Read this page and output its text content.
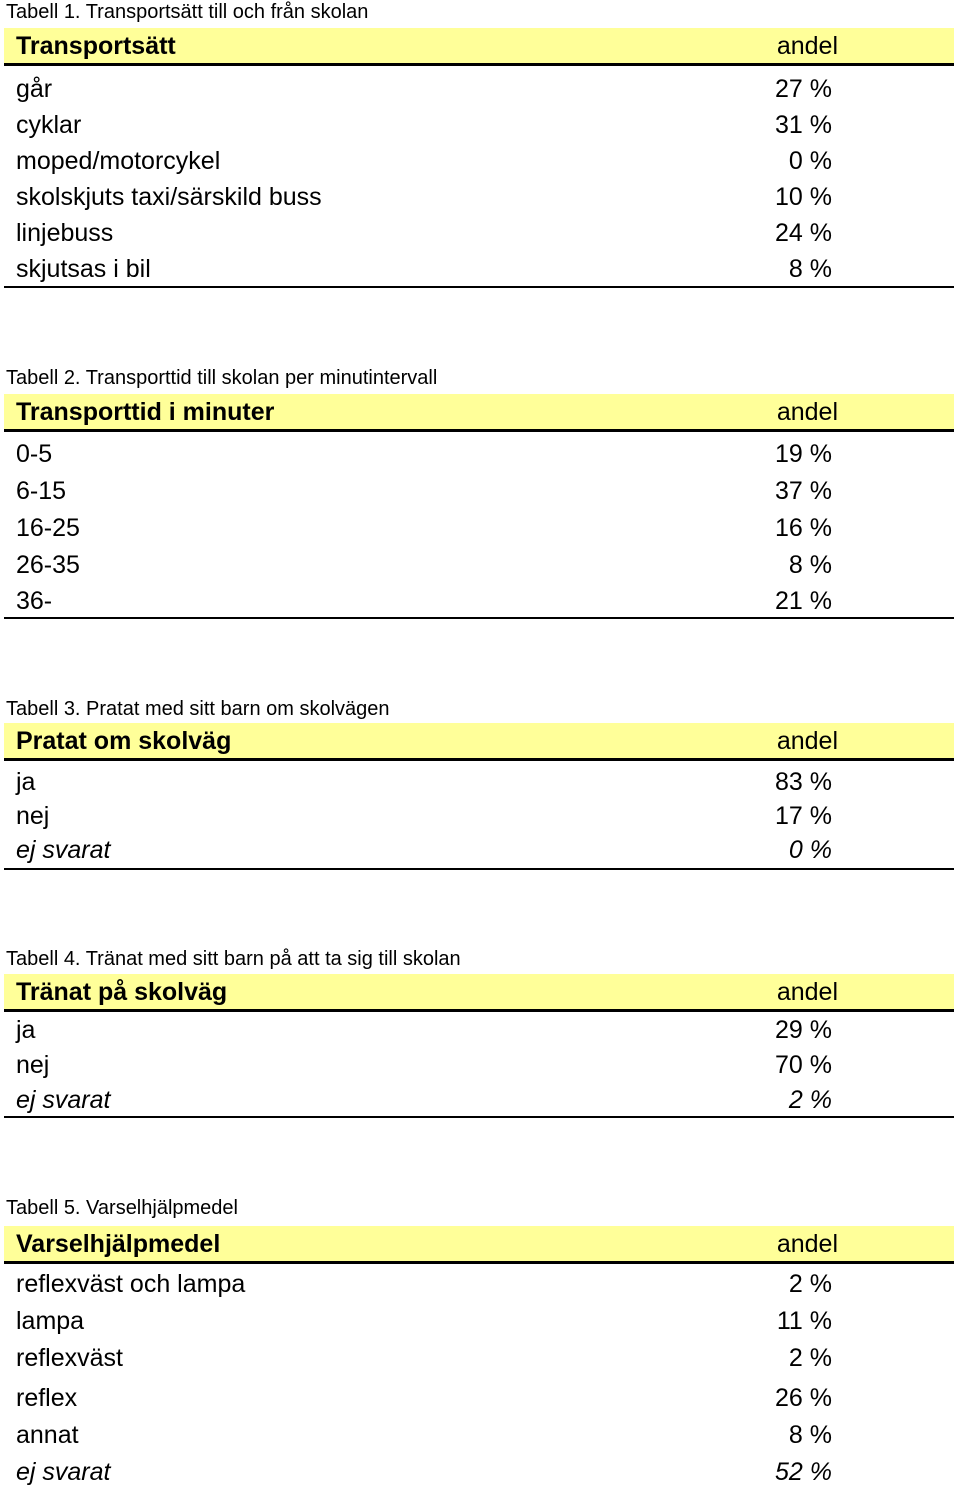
Tabell 1. Transportsätt till och från skolan
Transportsätt	andel
går	27 %
cyklar	31 %
moped/motorcykel	0 %
skolskjuts taxi/särskild buss	10 %
linjebuss	24 %
skjutsas i bil	8 %
Tabell 2. Transporttid till skolan per minutintervall
Transporttid i minuter	andel
0-5	19 %
6-15	37 %
16-25	16 %
26-35	8 %
36-	21 %
Tabell 3. Pratat med sitt barn om skolvägen
Pratat om skolväg	andel
ja	83 %
nej	17 %
ej svarat	0 %
Tabell 4. Tränat med sitt barn på att ta sig till skolan
Tränat på skolväg	andel
ja	29 %
nej	70 %
ej svarat	2 %
Tabell 5. Varselhjälpmedel
Varselhjälpmedel	andel
reflexväst och lampa	2 %
lampa	11 %
reflexväst	2 %
reflex	26 %
annat	8 %
ej svarat	52 %
